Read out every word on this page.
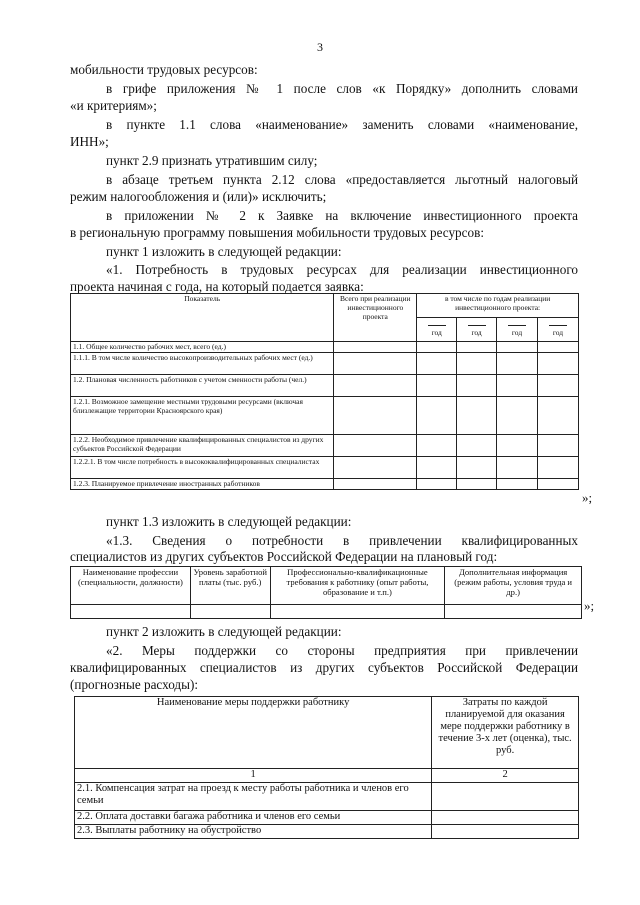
3
мобильности трудовых ресурсов:
в грифе приложения № 1 после слов «к Порядку» дополнить словами
«и критериям»;
в пункте 1.1 слова «наименование» заменить словами «наименование,
ИНН»;
пункт 2.9 признать утратившим силу;
в абзаце третьем пункта 2.12 слова «предоставляется льготный налоговый
режим налогообложения и (или)» исключить;
в приложении № 2 к Заявке на включение инвестиционного проекта
в региональную программу повышения мобильности трудовых ресурсов:
пункт 1 изложить в следующей редакции:
«1. Потребность в трудовых ресурсах для реализации инвестиционного
проекта начиная с года, на который подается заявка:
Показатель	Всего при реализации инвестиционного проекта	в том числе по годам реализации инвестиционного проекта:			

год	год	год	год
1.1. Общее количество рабочих мест, всего (ед.)					
1.1.1. В том числе количество высокопроизводительных рабочих мест (ед.)					
1.2. Плановая численность работников с учетом сменности работы (чел.)					
1.2.1. Возможное замещение местными трудовыми ресурсами (включая близлежащие территории Красноярского края)					
1.2.2. Необходимое привлечение квалифицированных специалистов из других субъектов Российской Федерации					
1.2.2.1. В том числе потребность в высококвалифицированных специалистах					
1.2.3. Планируемое привлечение иностранных работников					
»;
пункт 1.3 изложить в следующей редакции:
«1.3. Сведения о потребности в привлечении квалифицированных
специалистов из других субъектов Российской Федерации на плановый год:
Наименование профессии (специальности, должности)	Уровень заработной платы (тыс. руб.)	Профессионально-квалификационные требования к работнику (опыт работы, образование и т.п.)	Дополнительная информация (режим работы, условия труда и др.)

»;
пункт 2 изложить в следующей редакции:
«2. Меры поддержки со стороны предприятия при привлечении
квалифицированных специалистов из других субъектов Российской Федерации
(прогнозные расходы):
Наименование меры поддержки работнику	Затраты по каждой планируемой для оказания мере поддержки работнику в течение 3-х лет (оценка), тыс. руб.
1	2
2.1. Компенсация затрат на проезд к месту работы работника и членов его семьи	
2.2. Оплата доставки багажа работника и членов его семьи	
2.3. Выплаты работнику на обустройство	
